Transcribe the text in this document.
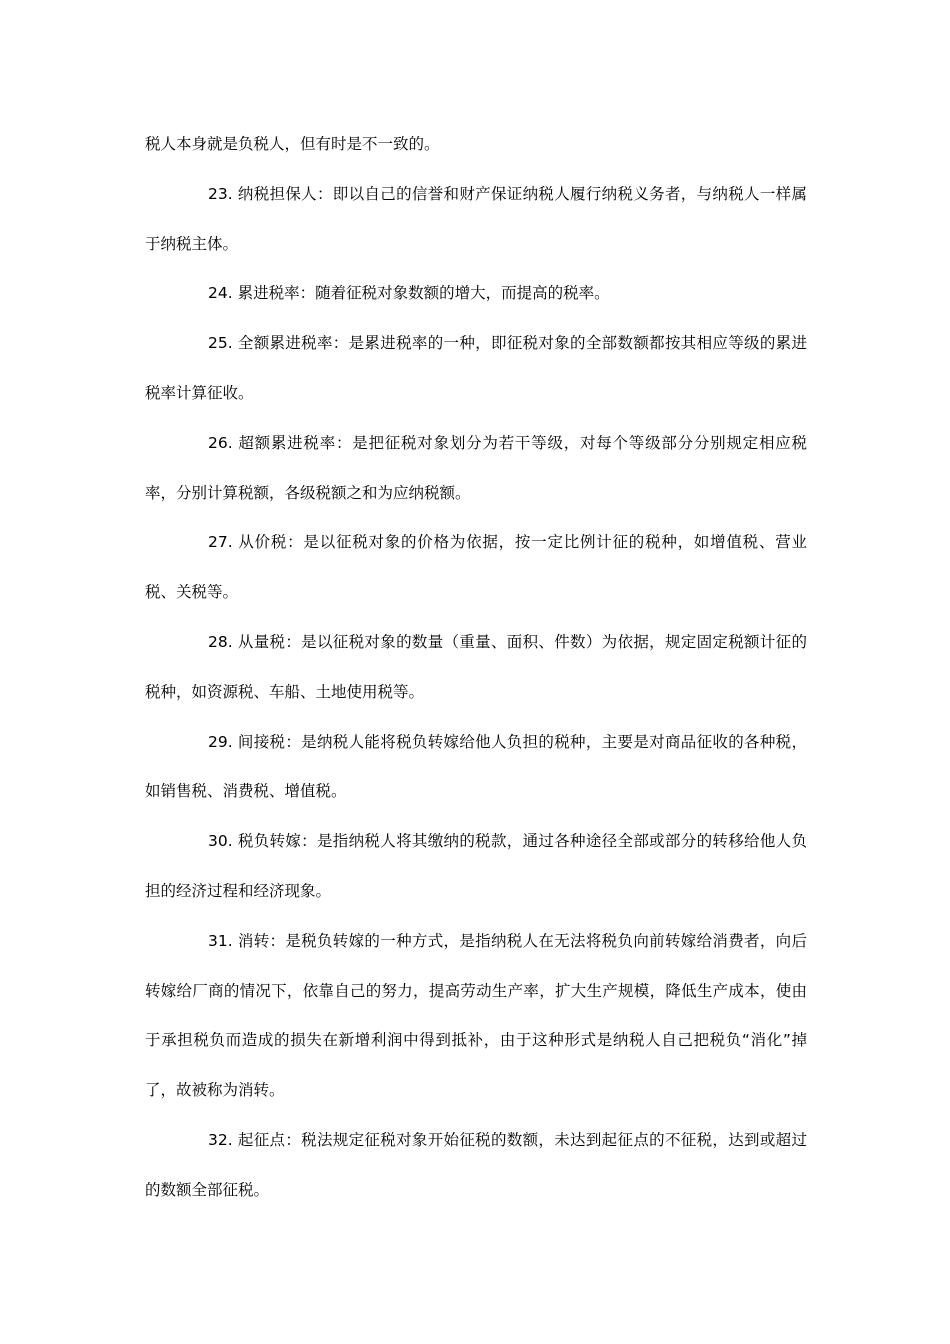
税人本身就是负税人，但有时是不一致的。

23. 纳税担保人：即以自己的信誉和财产保证纳税人履行纳税义务者，与纳税人一样属于纳税主体。

24. 累进税率：随着征税对象数额的增大，而提高的税率。

25. 全额累进税率：是累进税率的一种，即征税对象的全部数额都按其相应等级的累进税率计算征收。

26. 超额累进税率：是把征税对象划分为若干等级，对每个等级部分分别规定相应税率，分别计算税额，各级税额之和为应纳税额。

27. 从价税：是以征税对象的价格为依据，按一定比例计征的税种，如增值税、营业税、关税等。

28. 从量税：是以征税对象的数量（重量、面积、件数）为依据，规定固定税额计征的税种，如资源税、车船、土地使用税等。

29. 间接税：是纳税人能将税负转嫁给他人负担的税种，主要是对商品征收的各种税，如销售税、消费税、增值税。

30. 税负转嫁：是指纳税人将其缴纳的税款，通过各种途径全部或部分的转移给他人负担的经济过程和经济现象。

31. 消转：是税负转嫁的一种方式，是指纳税人在无法将税负向前转嫁给消费者，向后转嫁给厂商的情况下，依靠自己的努力，提高劳动生产率，扩大生产规模，降低生产成本，使由于承担税负而造成的损失在新增利润中得到抵补，由于这种形式是纳税人自己把税负“消化”掉了，故被称为消转。

32. 起征点：税法规定征税对象开始征税的数额，未达到起征点的不征税，达到或超过的数额全部征税。
